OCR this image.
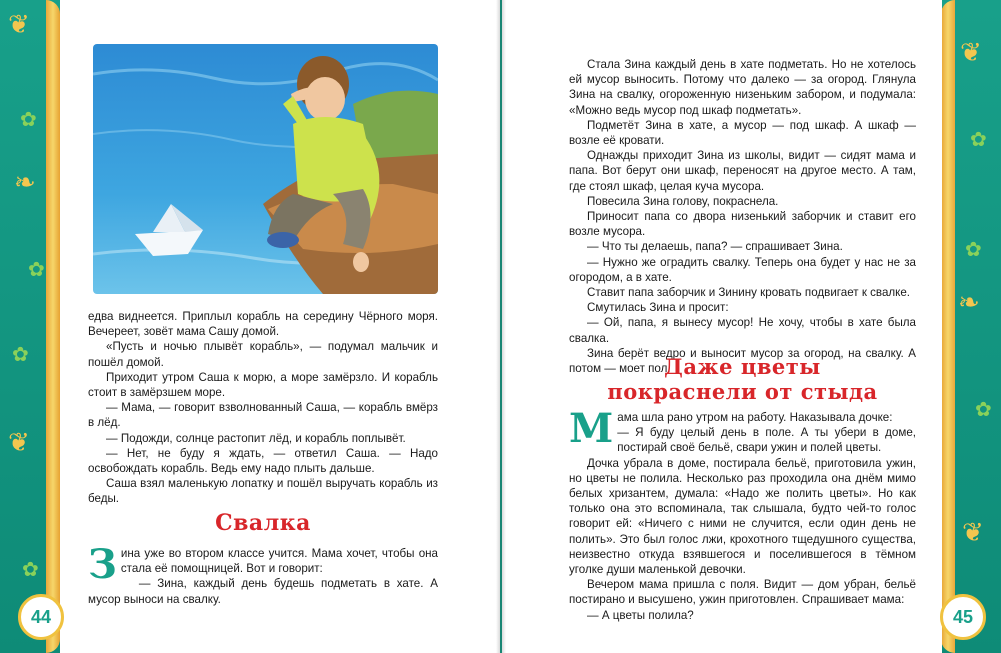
❦
❧
❦
❦
❧
❦
✿
✿
✿
✿
✿
✿
✿

едва виднеется. Приплыл корабль на середину Чёрного моря. Вечереет, зовёт мама Сашу домой.

«Пусть и ночью плывёт корабль», — подумал мальчик и пошёл домой.

Приходит утром Саша к морю, а море замёрзло. И корабль стоит в замёрзшем море.

— Мама, — говорит взволнованный Саша, — корабль вмёрз в лёд.

— Подожди, солнце растопит лёд, и корабль поплывёт.

— Нет, не буду я ждать, — ответил Саша. — Надо освобождать корабль. Ведь ему надо плыть дальше.

Саша взял маленькую лопатку и пошёл выручать корабль из беды.

Свалка
З ина уже во втором классе учится. Мама хочет, чтобы она стала её помощницей. Вот и говорит:

— Зина, каждый день будешь подметать в хате. А мусор выноси на свалку.

Стала Зина каждый день в хате подметать. Но не хотелось ей мусор выносить. Потому что далеко — за огород. Глянула Зина на свалку, огороженную низеньким забором, и подумала: «Можно ведь мусор под шкаф подметать».

Подметёт Зина в хате, а мусор — под шкаф. А шкаф — возле её кровати.

Однажды приходит Зина из школы, видит — сидят мама и папа. Вот берут они шкаф, переносят на другое место. А там, где стоял шкаф, целая куча мусора.

Повесила Зина голову, покраснела.

Приносит папа со двора низенький заборчик и ставит его возле мусора.

— Что ты делаешь, папа? — спрашивает Зина.

— Нужно же оградить свалку. Теперь она будет у нас не за огородом, а в хате.

Ставит папа заборчик и Зинину кровать подвигает к свалке.

Смутилась Зина и просит:

— Ой, папа, я вынесу мусор! Не хочу, чтобы в хате была свалка.

Зина берёт ведро и выносит мусор за огород, на свалку. А потом — моет пол.

Даже цветы
покраснели от стыда
М ама шла рано утром на работу. Наказывала дочке:

— Я буду целый день в поле. А ты убери в доме, постирай своё бельё, свари ужин и полей цветы.

Дочка убрала в доме, постирала бельё, приготовила ужин, но цветы не полила. Несколько раз проходила она днём мимо белых хризантем, думала: «Надо же полить цветы». Но как только она это вспоминала, так слышала, будто чей-то голос говорит ей: «Ничего с ними не случится, если один день не полить». Это был голос лжи, крохотного тщедушного существа, неизвестно откуда взявшегося и поселившегося в тёмном уголке души маленькой девочки.

Вечером мама пришла с поля. Видит — дом убран, бельё постирано и высушено, ужин приготовлен. Спрашивает мама:

— А цветы полила?

44	45
